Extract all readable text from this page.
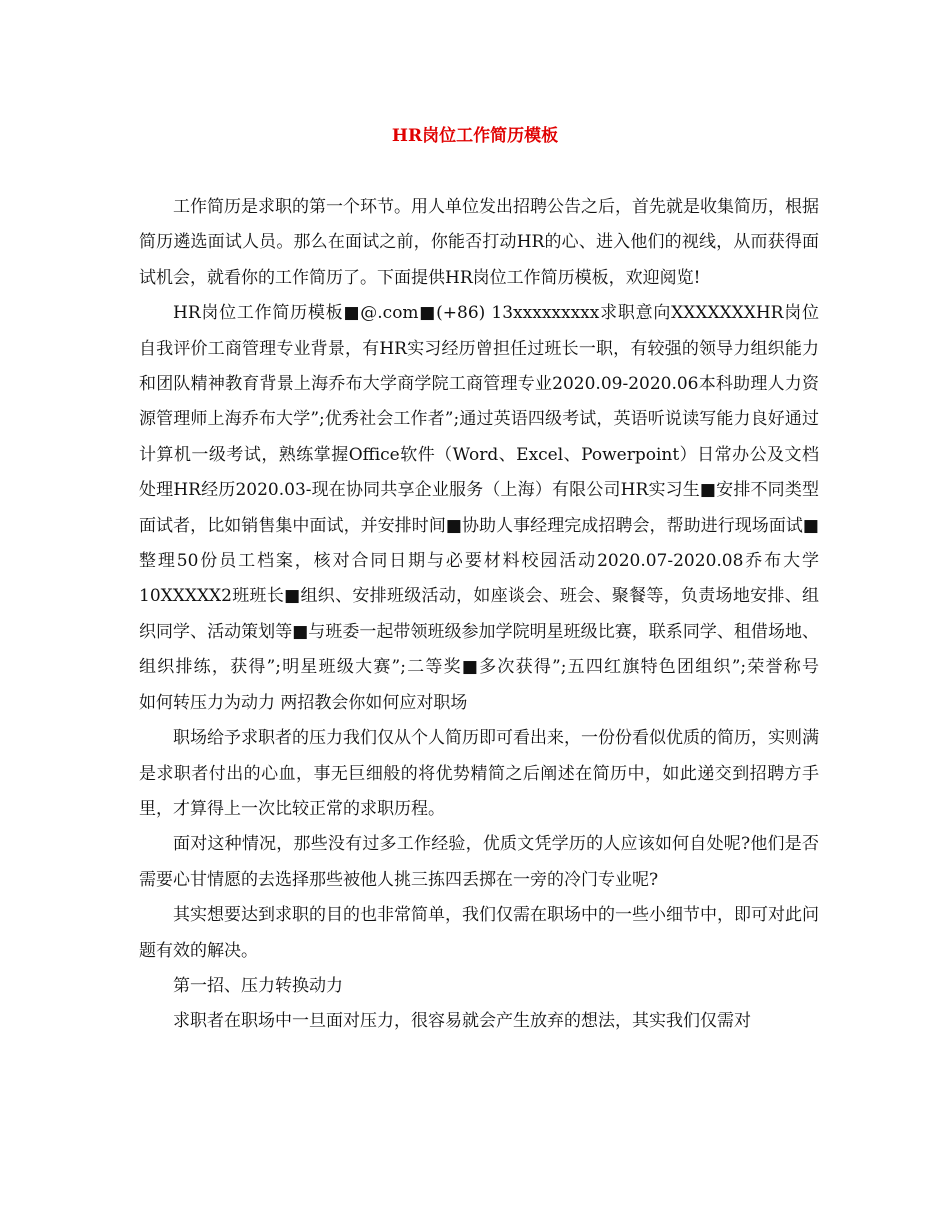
HR岗位工作简历模板

工作简历是求职的第一个环节。用人单位发出招聘公告之后，首先就是收集简历，根据简历遴选面试人员。那么在面试之前，你能否打动HR的心、进入他们的视线，从而获得面试机会，就看你的工作简历了。下面提供HR岗位工作简历模板，欢迎阅览!

HR岗位工作简历模板■@.com■(+86) 13xxxxxxxxx求职意向XXXXXXXHR岗位自我评价工商管理专业背景，有HR实习经历曾担任过班长一职，有较强的领导力组织能力和团队精神教育背景上海乔布大学商学院工商管理专业2020.09-2020.06本科助理人力资源管理师上海乔布大学”;优秀社会工作者”;通过英语四级考试，英语听说读写能力良好通过计算机一级考试，熟练掌握Office软件（Word、Excel、Powerpoint）日常办公及文档处理HR经历2020.03-现在协同共享企业服务（上海）有限公司HR实习生■安排不同类型面试者，比如销售集中面试，并安排时间■协助人事经理完成招聘会，帮助进行现场面试■整理50份员工档案，核对合同日期与必要材料校园活动2020.07-2020.08乔布大学10XXXXX2班班长■组织、安排班级活动，如座谈会、班会、聚餐等，负责场地安排、组织同学、活动策划等■与班委一起带领班级参加学院明星班级比赛，联系同学、租借场地、组织排练，获得”;明星班级大赛”;二等奖■多次获得”;五四红旗特色团组织”;荣誉称号　　如何转压力为动力 两招教会你如何应对职场

职场给予求职者的压力我们仅从个人简历即可看出来，一份份看似优质的简历，实则满是求职者付出的心血，事无巨细般的将优势精简之后阐述在简历中，如此递交到招聘方手里，才算得上一次比较正常的求职历程。

面对这种情况，那些没有过多工作经验，优质文凭学历的人应该如何自处呢?他们是否需要心甘情愿的去选择那些被他人挑三拣四丢掷在一旁的冷门专业呢?

其实想要达到求职的目的也非常简单，我们仅需在职场中的一些小细节中，即可对此问题有效的解决。

第一招、压力转换动力

求职者在职场中一旦面对压力，很容易就会产生放弃的想法，其实我们仅需对
